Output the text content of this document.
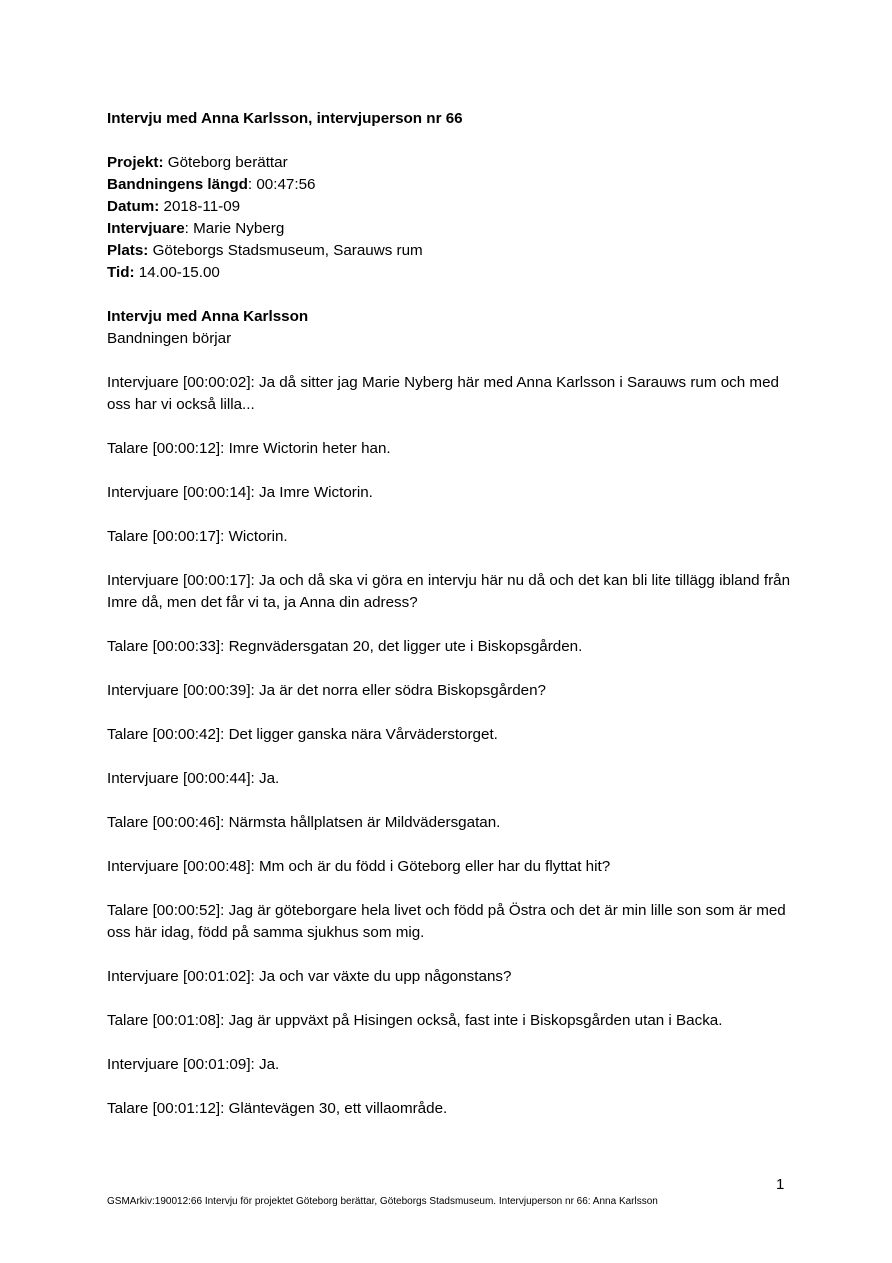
Intervju med Anna Karlsson, intervjuperson nr 66

Projekt: Göteborg berättar

Bandningens längd: 00:47:56

Datum: 2018-11-09

Intervjuare: Marie Nyberg

Plats: Göteborgs Stadsmuseum, Sarauws rum

Tid: 14.00-15.00

Intervju med Anna Karlsson

Bandningen börjar

Intervjuare [00:00:02]: Ja då sitter jag Marie Nyberg här med Anna Karlsson i Sarauws rum och med oss har vi också lilla...

Talare [00:00:12]: Imre Wictorin heter han.

Intervjuare [00:00:14]: Ja Imre Wictorin.

Talare [00:00:17]: Wictorin.

Intervjuare [00:00:17]: Ja och då ska vi göra en intervju här nu då och det kan bli lite tillägg ibland från Imre då, men det får vi ta, ja Anna din adress?

Talare [00:00:33]: Regnvädersgatan 20, det ligger ute i Biskopsgården.

Intervjuare [00:00:39]: Ja är det norra eller södra Biskopsgården?

Talare [00:00:42]: Det ligger ganska nära Vårväderstorget.

Intervjuare [00:00:44]: Ja.

Talare [00:00:46]: Närmsta hållplatsen är Mildvädersgatan.

Intervjuare [00:00:48]: Mm och är du född i Göteborg eller har du flyttat hit?

Talare [00:00:52]: Jag är göteborgare hela livet och född på Östra och det är min lille son som är med oss här idag, född på samma sjukhus som mig.

Intervjuare [00:01:02]: Ja och var växte du upp någonstans?

Talare [00:01:08]: Jag är uppväxt på Hisingen också, fast inte i Biskopsgården utan i Backa.

Intervjuare [00:01:09]: Ja.

Talare [00:01:12]: Gläntevägen 30, ett villaområde.

1
GSMArkiv:190012:66 Intervju för projektet Göteborg berättar, Göteborgs Stadsmuseum. Intervjuperson nr 66: Anna Karlsson
